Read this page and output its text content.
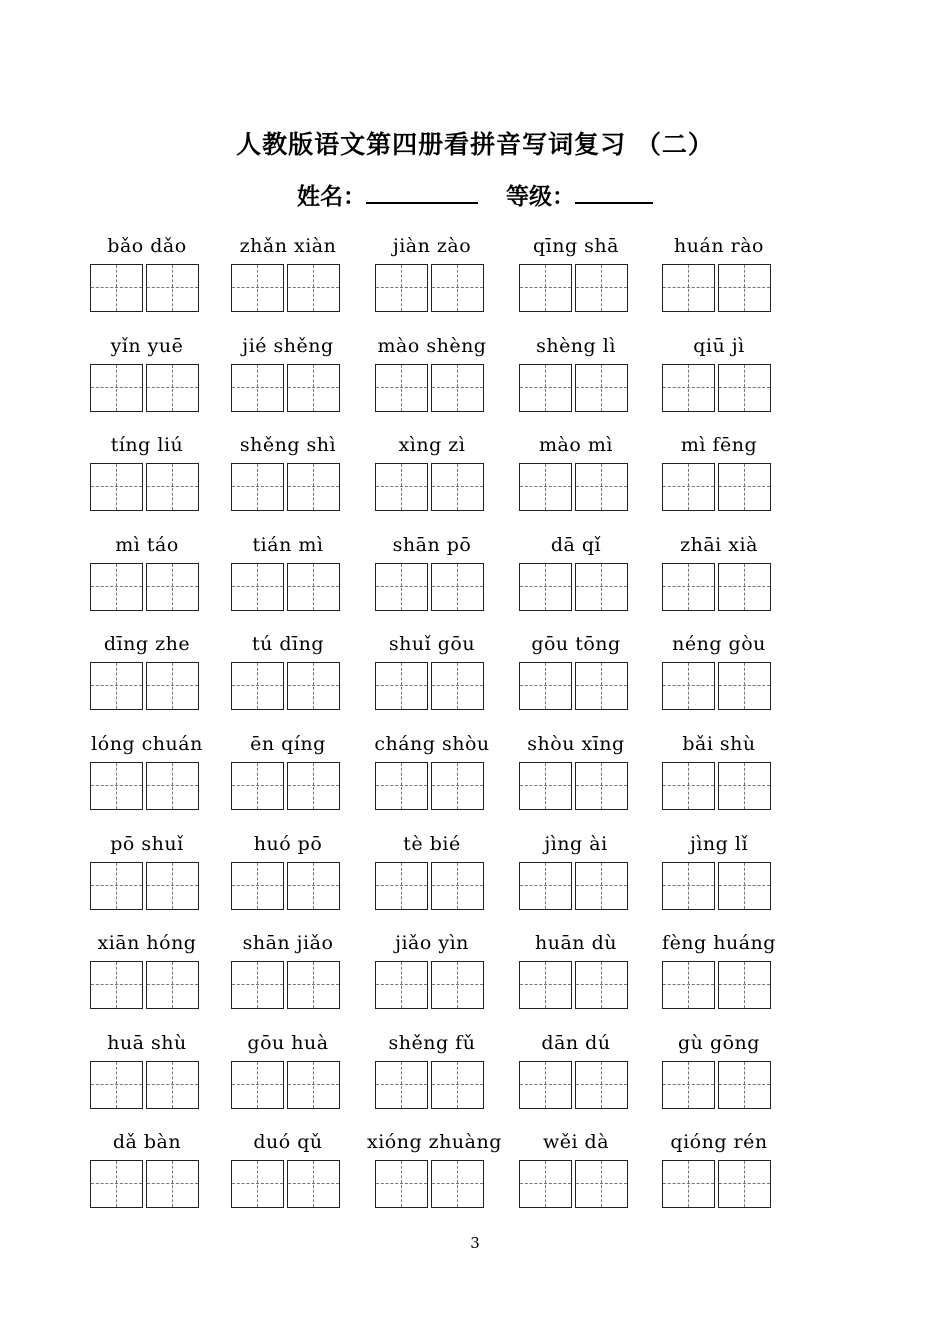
人教版语文第四册看拼音写词复习 （二）
姓名：	等级：
bǎo dǎo	zhǎn xiàn	jiàn zào	qīng shā	huán rào
yǐn yuē	jié shěng	mào shèng	shèng lì	qiū jì
tíng liú	shěng shì	xìng zì	mào mì	mì fēng
mì táo	tián mì	shān pō	dā qǐ	zhāi xià
dīng zhe	tú dīng	shuǐ gōu	gōu tōng	néng gòu
lóng chuán	ēn qíng	cháng shòu	shòu xīng	bǎi shù
pō shuǐ	huó pō	tè bié	jìng ài	jìng lǐ
xiān hóng	shān jiǎo	jiǎo yìn	huān dù	fèng huáng
huā shù	gōu huà	shěng fǔ	dān dú	gù gōng
dǎ bàn	duó qǔ	xióng zhuàng	wěi dà	qióng rén
3
